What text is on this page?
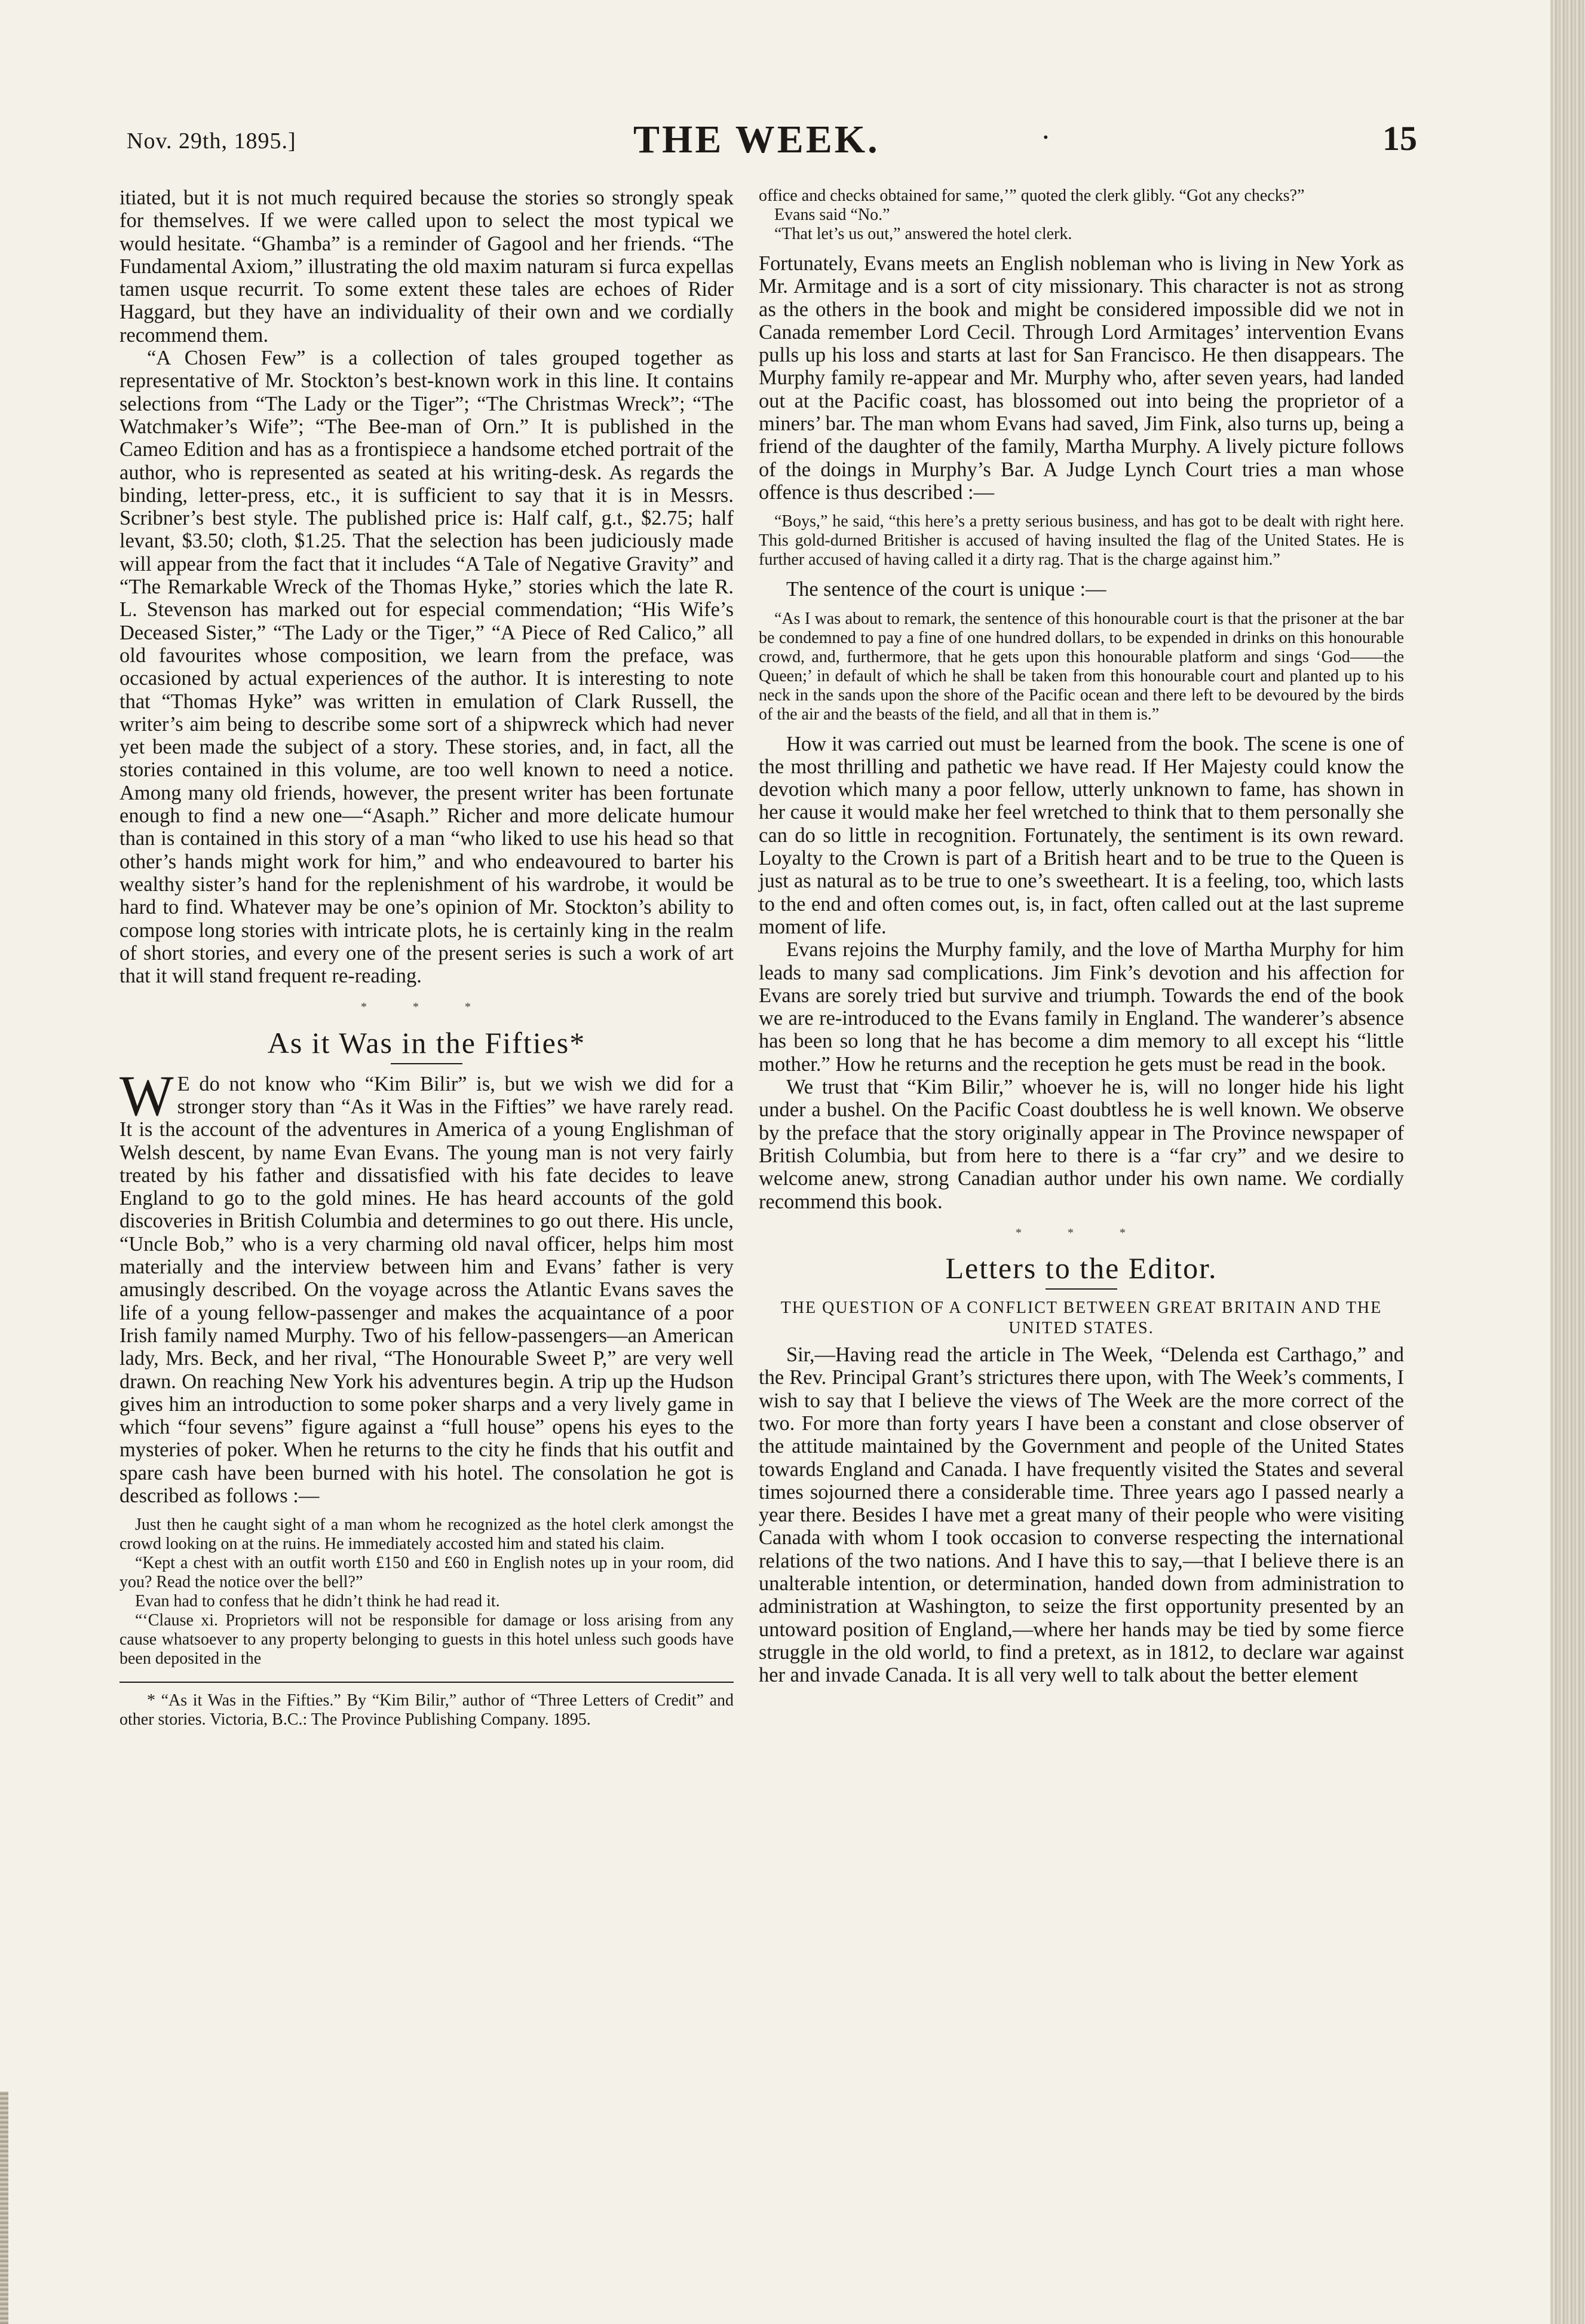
Nov. 29th, 1895.]	THE WEEK.	·	15

itiated, but it is not much required because the stories so strongly speak for themselves. If we were called upon to select the most typical we would hesitate. “Ghamba” is a reminder of Gagool and her friends. “The Fundamental Axiom,” illustrating the old maxim naturam si furca expellas tamen usque recurrit. To some extent these tales are echoes of Rider Haggard, but they have an individuality of their own and we cordially recommend them.

“A Chosen Few” is a collection of tales grouped together as representative of Mr. Stockton’s best-known work in this line. It contains selections from “The Lady or the Tiger”; “The Christmas Wreck”; “The Watchmaker’s Wife”; “The Bee-man of Orn.” It is published in the Cameo Edition and has as a frontispiece a handsome etched portrait of the author, who is represented as seated at his writing-desk. As regards the binding, letter-press, etc., it is sufficient to say that it is in Messrs. Scribner’s best style. The published price is: Half calf, g.t., $2.75; half levant, $3.50; cloth, $1.25. That the selection has been judiciously made will appear from the fact that it includes “A Tale of Negative Gravity” and “The Remarkable Wreck of the Thomas Hyke,” stories which the late R. L. Stevenson has marked out for especial commendation; “His Wife’s Deceased Sister,” “The Lady or the Tiger,” “A Piece of Red Calico,” all old favourites whose composition, we learn from the preface, was occasioned by actual experiences of the author. It is interesting to note that “Thomas Hyke” was written in emulation of Clark Russell, the writer’s aim being to describe some sort of a shipwreck which had never yet been made the subject of a story. These stories, and, in fact, all the stories contained in this volume, are too well known to need a notice. Among many old friends, however, the present writer has been fortunate enough to find a new one—“Asaph.” Richer and more delicate humour than is contained in this story of a man “who liked to use his head so that other’s hands might work for him,” and who endeavoured to barter his wealthy sister’s hand for the replenishment of his wardrobe, it would be hard to find. Whatever may be one’s opinion of Mr. Stockton’s ability to compose long stories with intricate plots, he is certainly king in the realm of short stories, and every one of the present series is such a work of art that it will stand frequent re-reading.

* * *
As it Was in the Fifties*

W E do not know who “Kim Bilir” is, but we wish we did for a stronger story than “As it Was in the Fifties” we have rarely read. It is the account of the adventures in America of a young Englishman of Welsh descent, by name Evan Evans. The young man is not very fairly treated by his father and dissatisfied with his fate decides to leave England to go to the gold mines. He has heard accounts of the gold discoveries in British Columbia and determines to go out there. His uncle, “Uncle Bob,” who is a very charming old naval officer, helps him most materially and the interview between him and Evans’ father is very amusingly described. On the voyage across the Atlantic Evans saves the life of a young fellow-passenger and makes the acquaintance of a poor Irish family named Murphy. Two of his fellow-passengers—an American lady, Mrs. Beck, and her rival, “The Honourable Sweet P,” are very well drawn. On reaching New York his adventures begin. A trip up the Hudson gives him an introduction to some poker sharps and a very lively game in which “four sevens” figure against a “full house” opens his eyes to the mysteries of poker. When he returns to the city he finds that his outfit and spare cash have been burned with his hotel. The consolation he got is described as follows :—

Just then he caught sight of a man whom he recognized as the hotel clerk amongst the crowd looking on at the ruins. He immediately accosted him and stated his claim.

“Kept a chest with an outfit worth £150 and £60 in English notes up in your room, did you? Read the notice over the bell?”

Evan had to confess that he didn’t think he had read it.

“‘Clause xi. Proprietors will not be responsible for damage or loss arising from any cause whatsoever to any property belonging to guests in this hotel unless such goods have been deposited in the

* “As it Was in the Fifties.” By “Kim Bilir,” author of “Three Letters of Credit” and other stories. Victoria, B.C.: The Province Publishing Company. 1895.

office and checks obtained for same,’” quoted the clerk glibly. “Got any checks?”

Evans said “No.”

“That let’s us out,” answered the hotel clerk.

Fortunately, Evans meets an English nobleman who is living in New York as Mr. Armitage and is a sort of city missionary. This character is not as strong as the others in the book and might be considered impossible did we not in Canada remember Lord Cecil. Through Lord Armitages’ intervention Evans pulls up his loss and starts at last for San Francisco. He then disappears. The Murphy family re-appear and Mr. Murphy who, after seven years, had landed out at the Pacific coast, has blossomed out into being the proprietor of a miners’ bar. The man whom Evans had saved, Jim Fink, also turns up, being a friend of the daughter of the family, Martha Murphy. A lively picture follows of the doings in Murphy’s Bar. A Judge Lynch Court tries a man whose offence is thus described :—

“Boys,” he said, “this here’s a pretty serious business, and has got to be dealt with right here. This gold-durned Britisher is accused of having insulted the flag of the United States. He is further accused of having called it a dirty rag. That is the charge against him.”

The sentence of the court is unique :—

“As I was about to remark, the sentence of this honourable court is that the prisoner at the bar be condemned to pay a fine of one hundred dollars, to be expended in drinks on this honourable crowd, and, furthermore, that he gets upon this honourable platform and sings ‘God——the Queen;’ in default of which he shall be taken from this honourable court and planted up to his neck in the sands upon the shore of the Pacific ocean and there left to be devoured by the birds of the air and the beasts of the field, and all that in them is.”

How it was carried out must be learned from the book. The scene is one of the most thrilling and pathetic we have read. If Her Majesty could know the devotion which many a poor fellow, utterly unknown to fame, has shown in her cause it would make her feel wretched to think that to them personally she can do so little in recognition. Fortunately, the sentiment is its own reward. Loyalty to the Crown is part of a British heart and to be true to the Queen is just as natural as to be true to one’s sweetheart. It is a feeling, too, which lasts to the end and often comes out, is, in fact, often called out at the last supreme moment of life.

Evans rejoins the Murphy family, and the love of Martha Murphy for him leads to many sad complications. Jim Fink’s devotion and his affection for Evans are sorely tried but survive and triumph. Towards the end of the book we are re-introduced to the Evans family in England. The wanderer’s absence has been so long that he has become a dim memory to all except his “little mother.” How he returns and the reception he gets must be read in the book.

We trust that “Kim Bilir,” whoever he is, will no longer hide his light under a bushel. On the Pacific Coast doubtless he is well known. We observe by the preface that the story originally appear in The Province newspaper of British Columbia, but from here to there is a “far cry” and we desire to welcome anew, strong Canadian author under his own name. We cordially recommend this book.

* * *
Letters to the Editor.
THE QUESTION OF A CONFLICT BETWEEN GREAT BRITAIN AND THE UNITED STATES.

Sir,—Having read the article in The Week, “Delenda est Carthago,” and the Rev. Principal Grant’s strictures there upon, with The Week’s comments, I wish to say that I believe the views of The Week are the more correct of the two. For more than forty years I have been a constant and close observer of the attitude maintained by the Government and people of the United States towards England and Canada. I have frequently visited the States and several times sojourned there a considerable time. Three years ago I passed nearly a year there. Besides I have met a great many of their people who were visiting Canada with whom I took occasion to converse respecting the international relations of the two nations. And I have this to say,—that I believe there is an unalterable intention, or determination, handed down from administration to administration at Washington, to seize the first opportunity presented by an untoward position of England,—where her hands may be tied by some fierce struggle in the old world, to find a pretext, as in 1812, to declare war against her and invade Canada. It is all very well to talk about the better element
